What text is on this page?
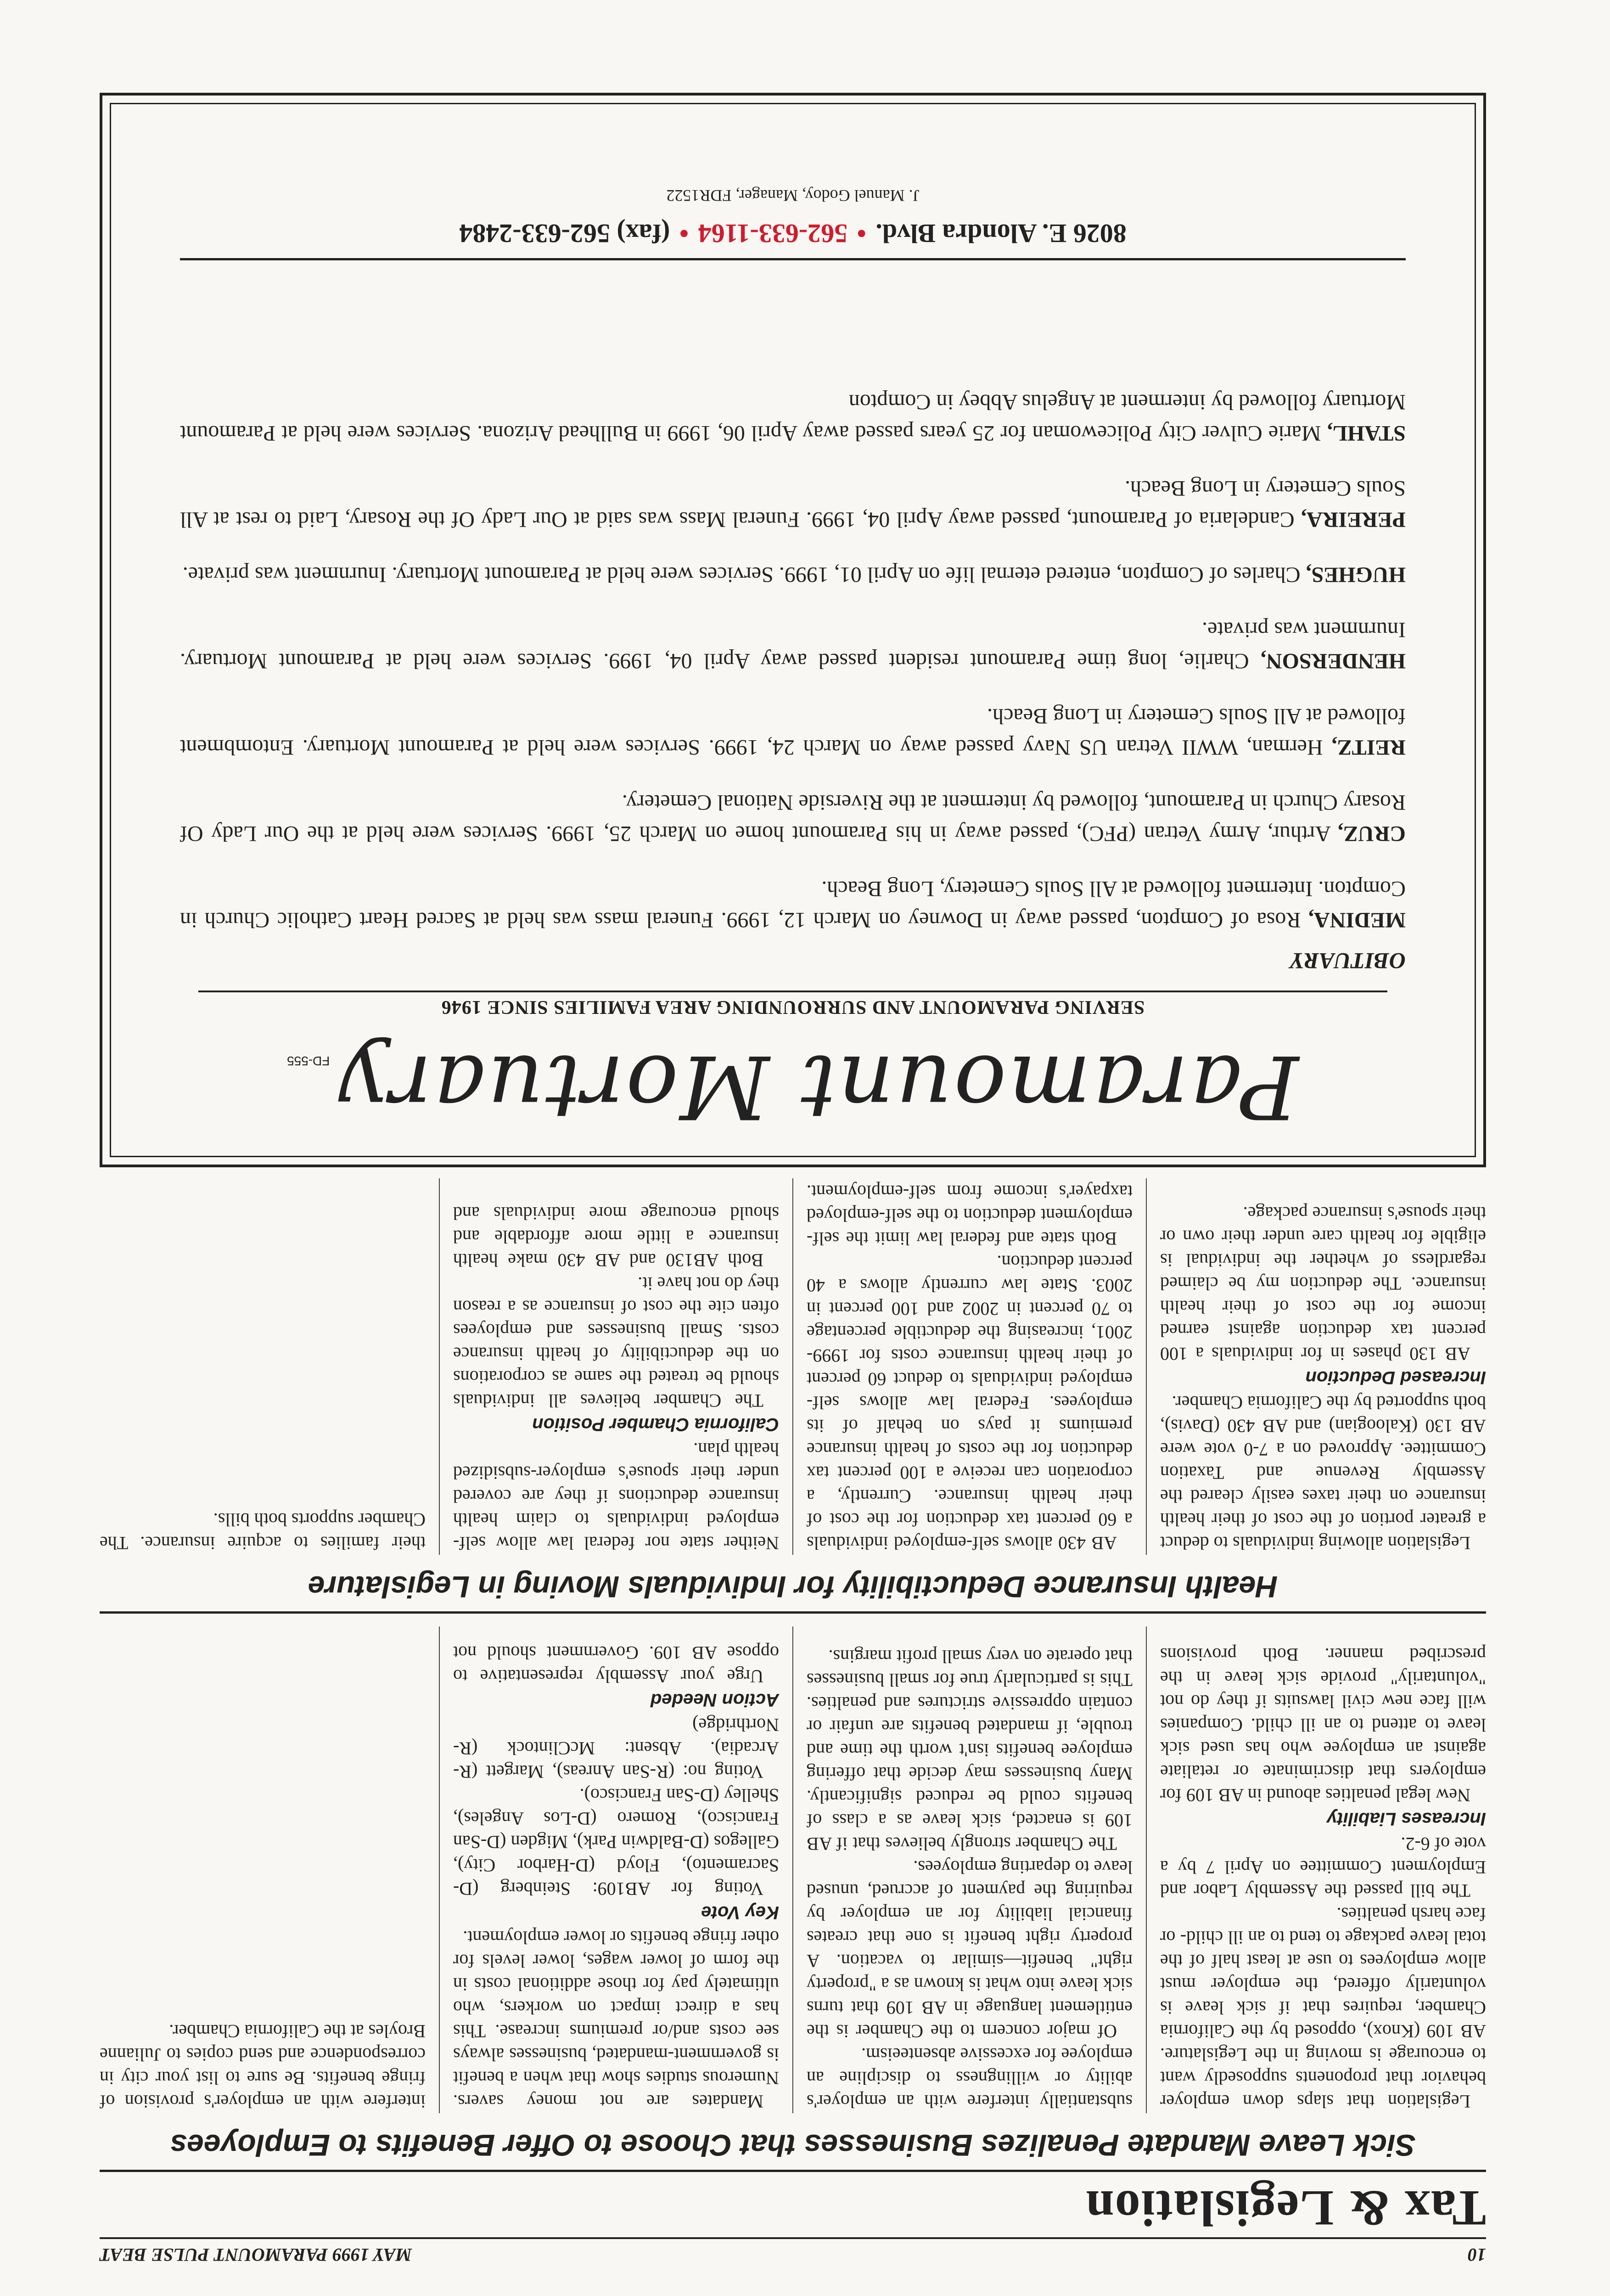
10
MAY 1999 PARAMOUNT PULSE BEAT
Tax & Legislation
Sick Leave Mandate Penalizes Businesses that Choose to Offer Benefits to Employees

Legislation that slaps down employer behavior that proponents supposedly want to encourage is moving in the Legislature. AB 109 (Knox), opposed by the California Chamber, requires that if sick leave is voluntarily offered, the employer must allow employees to use at least half of the total leave package to tend to an ill child- or face harsh penalties.

The bill passed the Assembly Labor and Employment Committee on April 7 by a vote of 6-2.

Increases Liability

New legal penalties abound in AB 109 for employers that discriminate or retaliate against an employee who has used sick leave to attend to an ill child. Companies will face new civil lawsuits if they do not "voluntarily" provide sick leave in the prescribed manner. Both provisions substantially interfere with an employer's ability or willingness to discipline an employee for excessive absenteeism.

Of major concern to the Chamber is the entitlement language in AB 109 that turns sick leave into what is known as a "property right" benefit—similar to vacation. A property right benefit is one that creates financial liability for an employer by requiring the payment of accrued, unused leave to departing employees.

The Chamber strongly believes that if AB 109 is enacted, sick leave as a class of benefits could be reduced significantly. Many businesses may decide that offering employee benefits isn't worth the time and trouble, if mandated benefits are unfair or contain oppressive strictures and penalties. This is particularly true for small businesses that operate on very small profit margins.

Mandates are not money savers. Numerous studies show that when a benefit is government-mandated, businesses always see costs and/or premiums increase. This has a direct impact on workers, who ultimately pay for those additional costs in the form of lower wages, lower levels for other fringe benefits or lower employment.

Key Vote

Voting for AB109: Steinberg (D-Sacramento), Floyd (D-Harbor City), Gallegos (D-Baldwin Park), Migden (D-San Francisco), Romero (D-Los Angeles), Shelley (D-San Francisco).

Voting no: (R-San Anreas), Margett (R-Arcadia). Absent: McClintock (R-Northridge)

Action Needed

Urge your Assembly representative to oppose AB 109. Government should not interfere with an employer's provision of fringe benefits. Be sure to list your city in correspondence and send copies to Julianne Broyles at the California Chamber.

Health Insurance Deductibility for Individuals Moving in Legislature

Legislation allowing individuals to deduct a greater portion of the cost of their health insurance on their taxes easily cleared the Assembly Revenue and Taxation Committee. Approved on a 7-0 vote were AB 130 (Kaloogian) and AB 430 (Davis), both supported by the California Chamber.

Increased Deduction

AB 130 phases in for individuals a 100 percent tax deduction against earned income for the cost of their health insurance. The deduction my be claimed regardless of whether the individual is eligible for health care under their own or their spouse's insurance package.

AB 430 allows self-employed individuals a 60 percent tax deduction for the cost of their health insurance. Currently, a corporation can receive a 100 percent tax deduction for the costs of health insurance premiums it pays on behalf of its employees. Federal law allows self-employed individuals to deduct 60 percent of their health insurance costs for 1999-2001, increasing the deductible percentage to 70 percent in 2002 and 100 percent in 2003. State law currently allows a 40 percent deduction.

Both state and federal law limit the self-employment deduction to the self-employed taxpayer's income from self-employment. Neither state nor federal law allow self-employed individuals to claim health insurance deductions if they are covered under their spouse's employer-subsidized health plan.

California Chamber Position

The Chamber believes all individuals should be treated the same as corporations on the deductibility of health insurance costs. Small businesses and employees often cite the cost of insurance as a reason they do not have it.

Both AB130 and AB 430 make health insurance a little more affordable and should encourage more individuals and their families to acquire insurance. The Chamber supports both bills.

Paramount MortuaryFD-555
SERVING PARAMOUNT AND SURROUNDING AREA FAMILIES SINCE 1946
OBITUARY

MEDINA, Rosa of Compton, passed away in Downey on March 12, 1999. Funeral mass was held at Sacred Heart Catholic Church in Compton. Interment followed at All Souls Cemetery, Long Beach.

CRUZ, Arthur, Army Vetran (PFC), passed away in his Paramount home on March 25, 1999. Services were held at the Our Lady Of Rosary Church in Paramount, followed by interment at the Riverside National Cemetery.

REITZ, Herman, WWII Vetran US Navy passed away on March 24, 1999. Services were held at Paramount Mortuary. Entombment followed at All Souls Cemetery in Long Beach.

HENDERSON, Charlie, long time Paramount resident passed away April 04, 1999. Services were held at Paramount Mortuary. Inurnment was private.

HUGHES, Charles of Compton, entered eternal life on April 01, 1999. Services were held at Paramount Mortuary. Inurnment was private.

PEREIRA, Candelaria of Paramount, passed away April 04, 1999. Funeral Mass was said at Our Lady Of the Rosary, Laid to rest at All Souls Cemetery in Long Beach.

STAHL, Marie Culver City Policewoman for 25 years passed away April 06, 1999 in Bullhead Arizona. Services were held at Paramount Mortuary followed by interment at Angelus Abbey in Compton

8026 E. Alondra Blvd. • 562-633-1164 • (fax) 562-633-2484
J. Manuel Godoy, Manager, FDR1522
